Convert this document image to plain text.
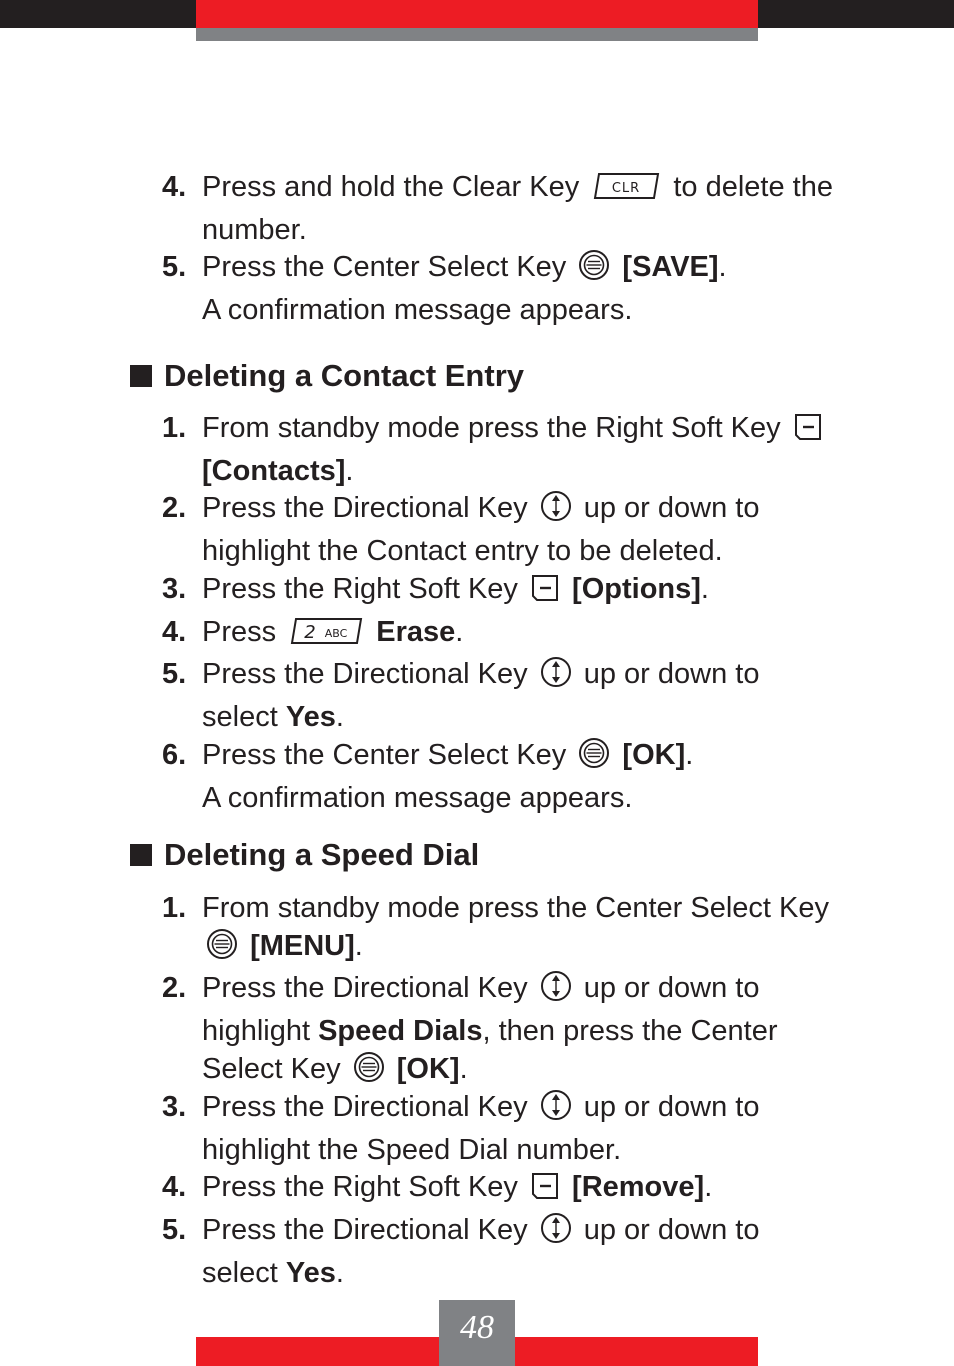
4. Press and hold the Clear Key CLR to delete the
number.
5. Press the Center Select Key  [SAVE].
A confirmation message appears.
Deleting a Contact Entry
1. From standby mode press the Right Soft Key
[Contacts].
2. Press the Directional Key  up or down to
highlight the Contact entry to be deleted.
3. Press the Right Soft Key  [Options].
4. Press 2 ABC Erase.
5. Press the Directional Key  up or down to
select Yes.
6. Press the Center Select Key  [OK].
A confirmation message appears.
Deleting a Speed Dial
1. From standby mode press the Center Select Key
[MENU].
2. Press the Directional Key  up or down to
highlight Speed Dials, then press the Center
Select Key  [OK].
3. Press the Directional Key  up or down to
highlight the Speed Dial number.
4. Press the Right Soft Key  [Remove].
5. Press the Directional Key  up or down to
select Yes.
48
